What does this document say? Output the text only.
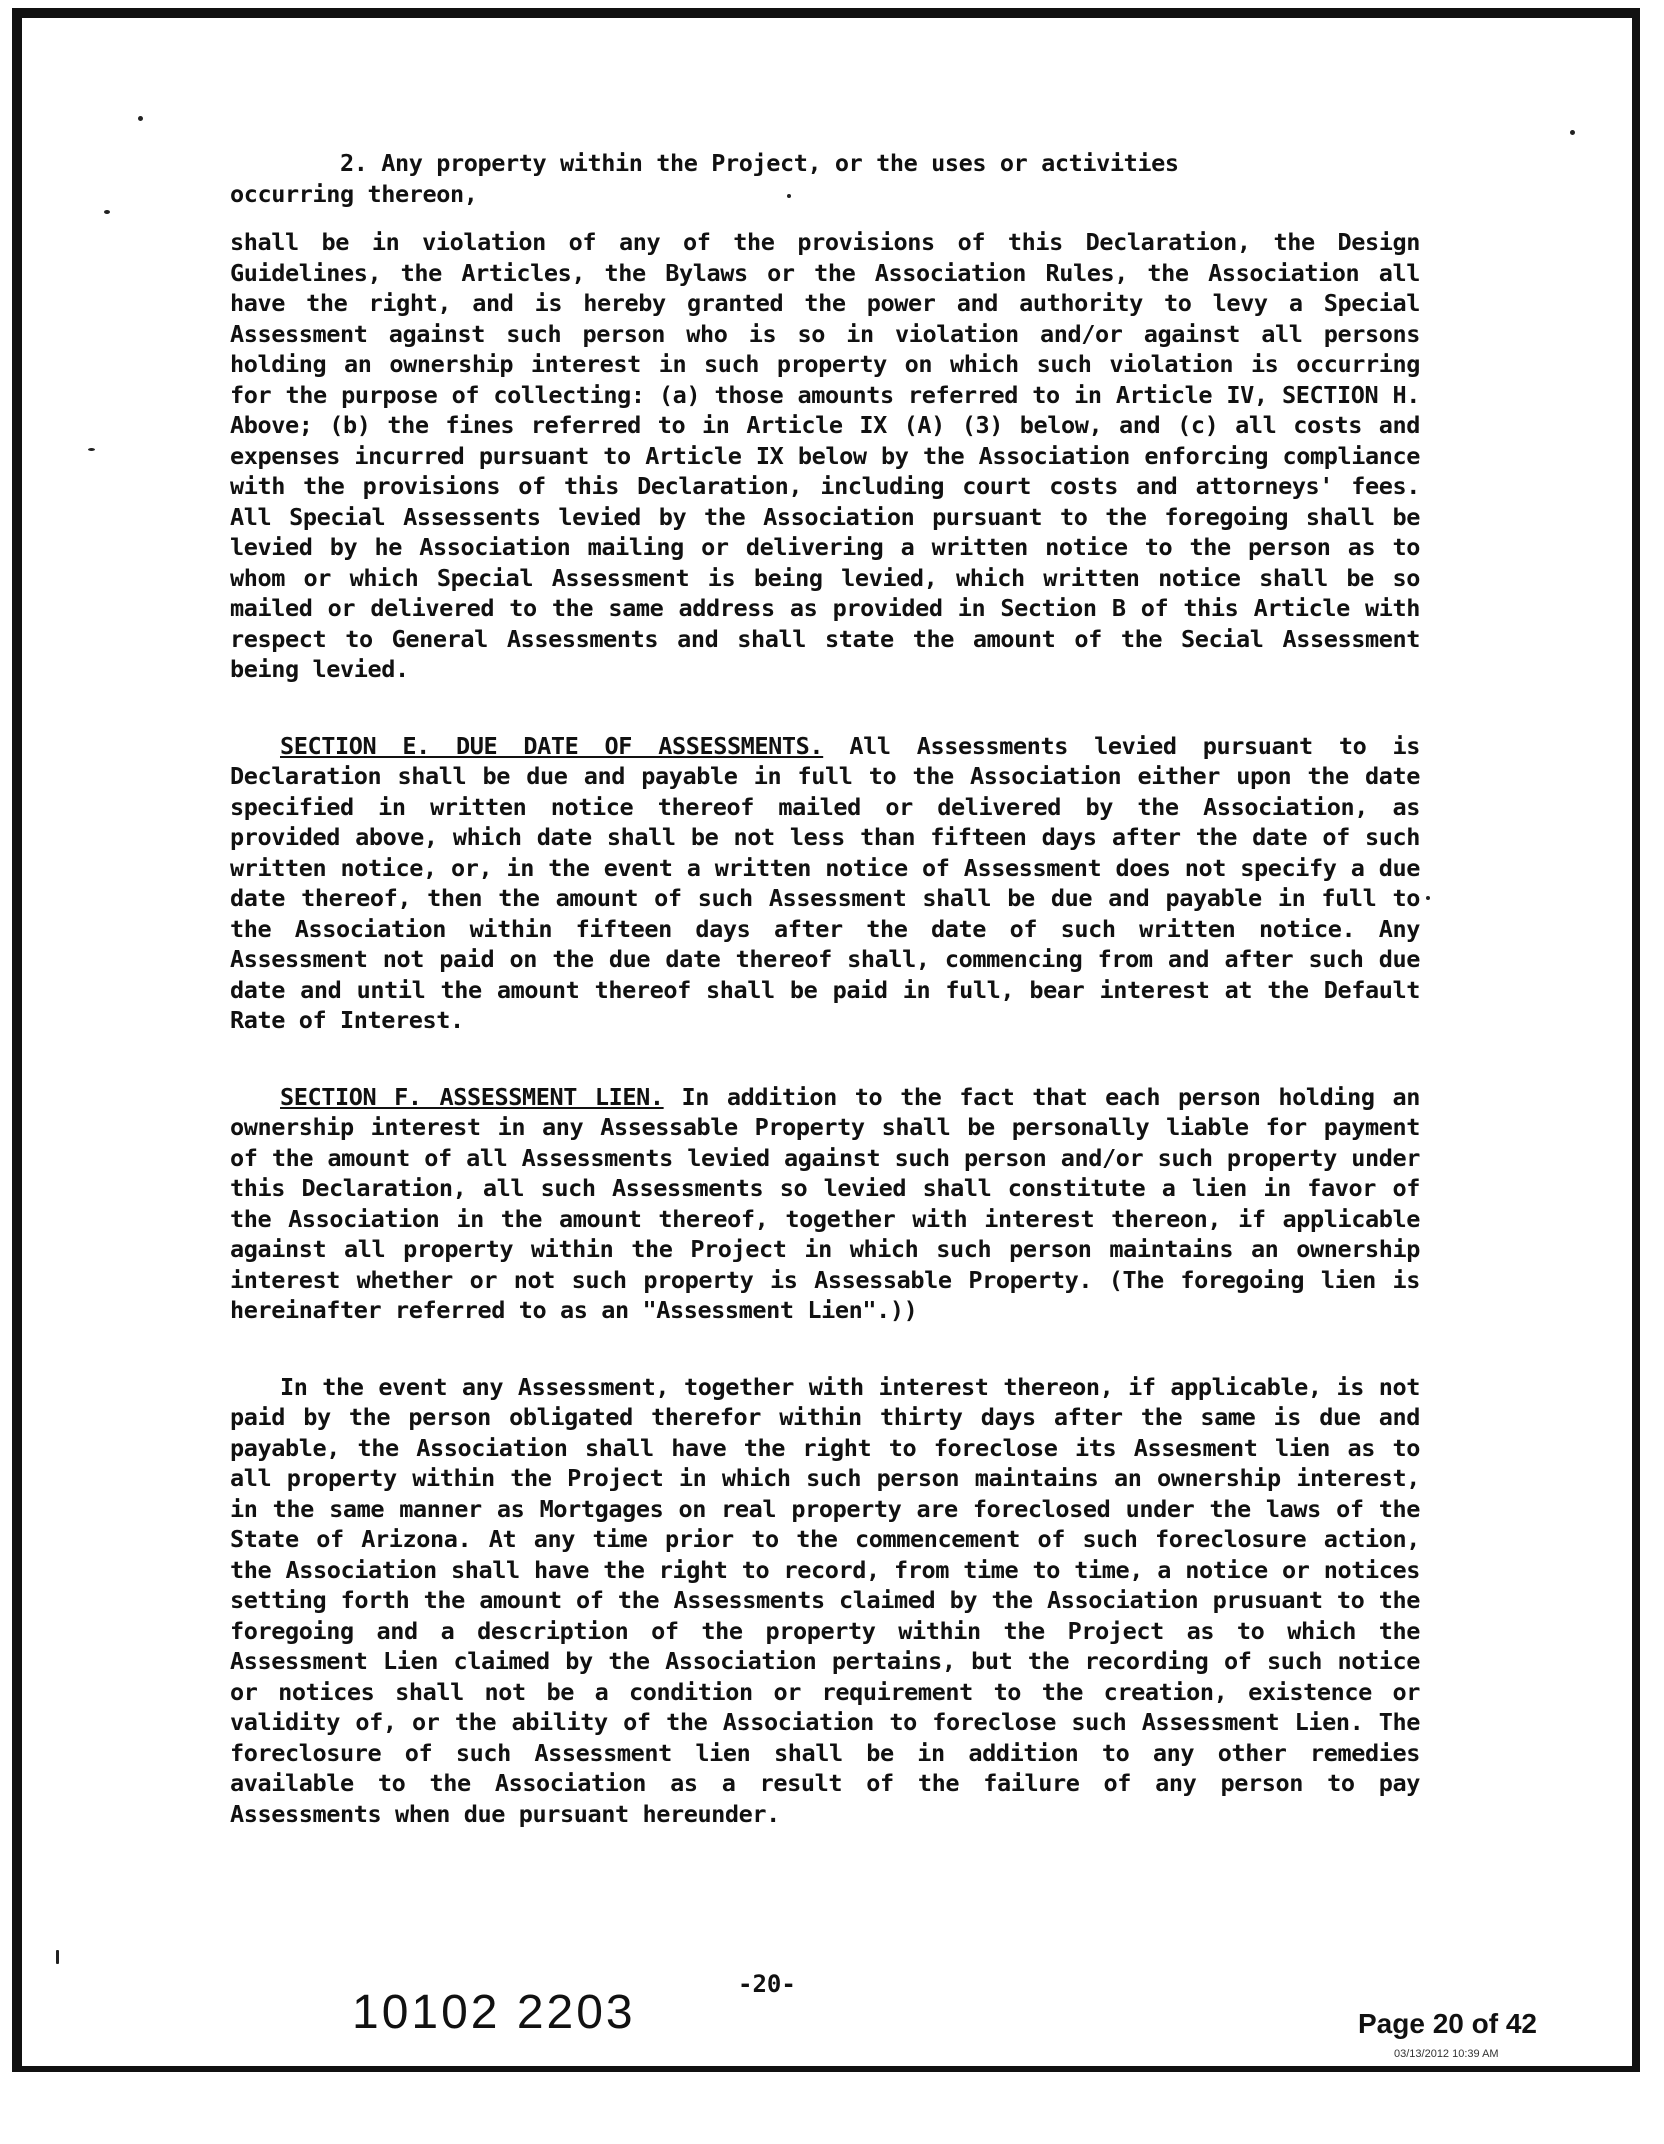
2. Any property within the Project, or the uses or activities
occurring thereon,

shall be in violation of any of the provisions of this Declaration, the Design Guidelines, the Articles, the Bylaws or the Association Rules, the Association all have the right, and is hereby granted the power and authority to levy a Special Assessment against such person who is so in violation and/or against all persons holding an ownership interest in such property on which such violation is occurring for the purpose of collecting: (a) those amounts referred to in Article IV, SECTION H. Above; (b) the fines referred to in Article IX (A) (3) below, and (c) all costs and expenses incurred pursuant to Article IX below by the Association enforcing compliance with the provisions of this Declaration, including court costs and attorneys' fees. All Special Assessents levied by the Association pursuant to the foregoing shall be levied by he Association mailing or delivering a written notice to the person as to whom or which Special Assessment is being levied, which written notice shall be so mailed or delivered to the same address as provided in Section B of this Article with respect to General Assessments and shall state the amount of the Secial Assessment being levied.

SECTION E. DUE DATE OF ASSESSMENTS. All Assessments levied pursuant to is Declaration shall be due and payable in full to the Association either upon the date specified in written notice thereof mailed or delivered by the Association, as provided above, which date shall be not less than fifteen days after the date of such written notice, or, in the event a written notice of Assessment does not specify a due date thereof, then the amount of such Assessment shall be due and payable in full to the Association within fifteen days after the date of such written notice. Any Assessment not paid on the due date thereof shall, commencing from and after such due date and until the amount thereof shall be paid in full, bear interest at the Default Rate of Interest.

SECTION F. ASSESSMENT LIEN. In addition to the fact that each person holding an ownership interest in any Assessable Property shall be personally liable for payment of the amount of all Assessments levied against such person and/or such property under this Declaration, all such Assessments so levied shall constitute a lien in favor of the Association in the amount thereof, together with interest thereon, if applicable against all property within the Project in which such person maintains an ownership interest whether or not such property is Assessable Property. (The foregoing lien is hereinafter referred to as an "Assessment Lien".))

In the event any Assessment, together with interest thereon, if applicable, is not paid by the person obligated therefor within thirty days after the same is due and payable, the Association shall have the right to foreclose its Assesment lien as to all property within the Project in which such person maintains an ownership interest, in the same manner as Mortgages on real property are foreclosed under the laws of the State of Arizona. At any time prior to the commencement of such foreclosure action, the Association shall have the right to record, from time to time, a notice or notices setting forth the amount of the Assessments claimed by the Association prusuant to the foregoing and a description of the property within the Project as to which the Assessment Lien claimed by the Association pertains, but the recording of such notice or notices shall not be a condition or requirement to the creation, existence or validity of, or the ability of the Association to foreclose such Assessment Lien. The foreclosure of such Assessment lien shall be in addition to any other remedies available to the Association as a result of the failure of any person to pay Assessments when due pursuant hereunder.

10102 2203
-20-
Page 20 of 42
03/13/2012 10:39 AM
